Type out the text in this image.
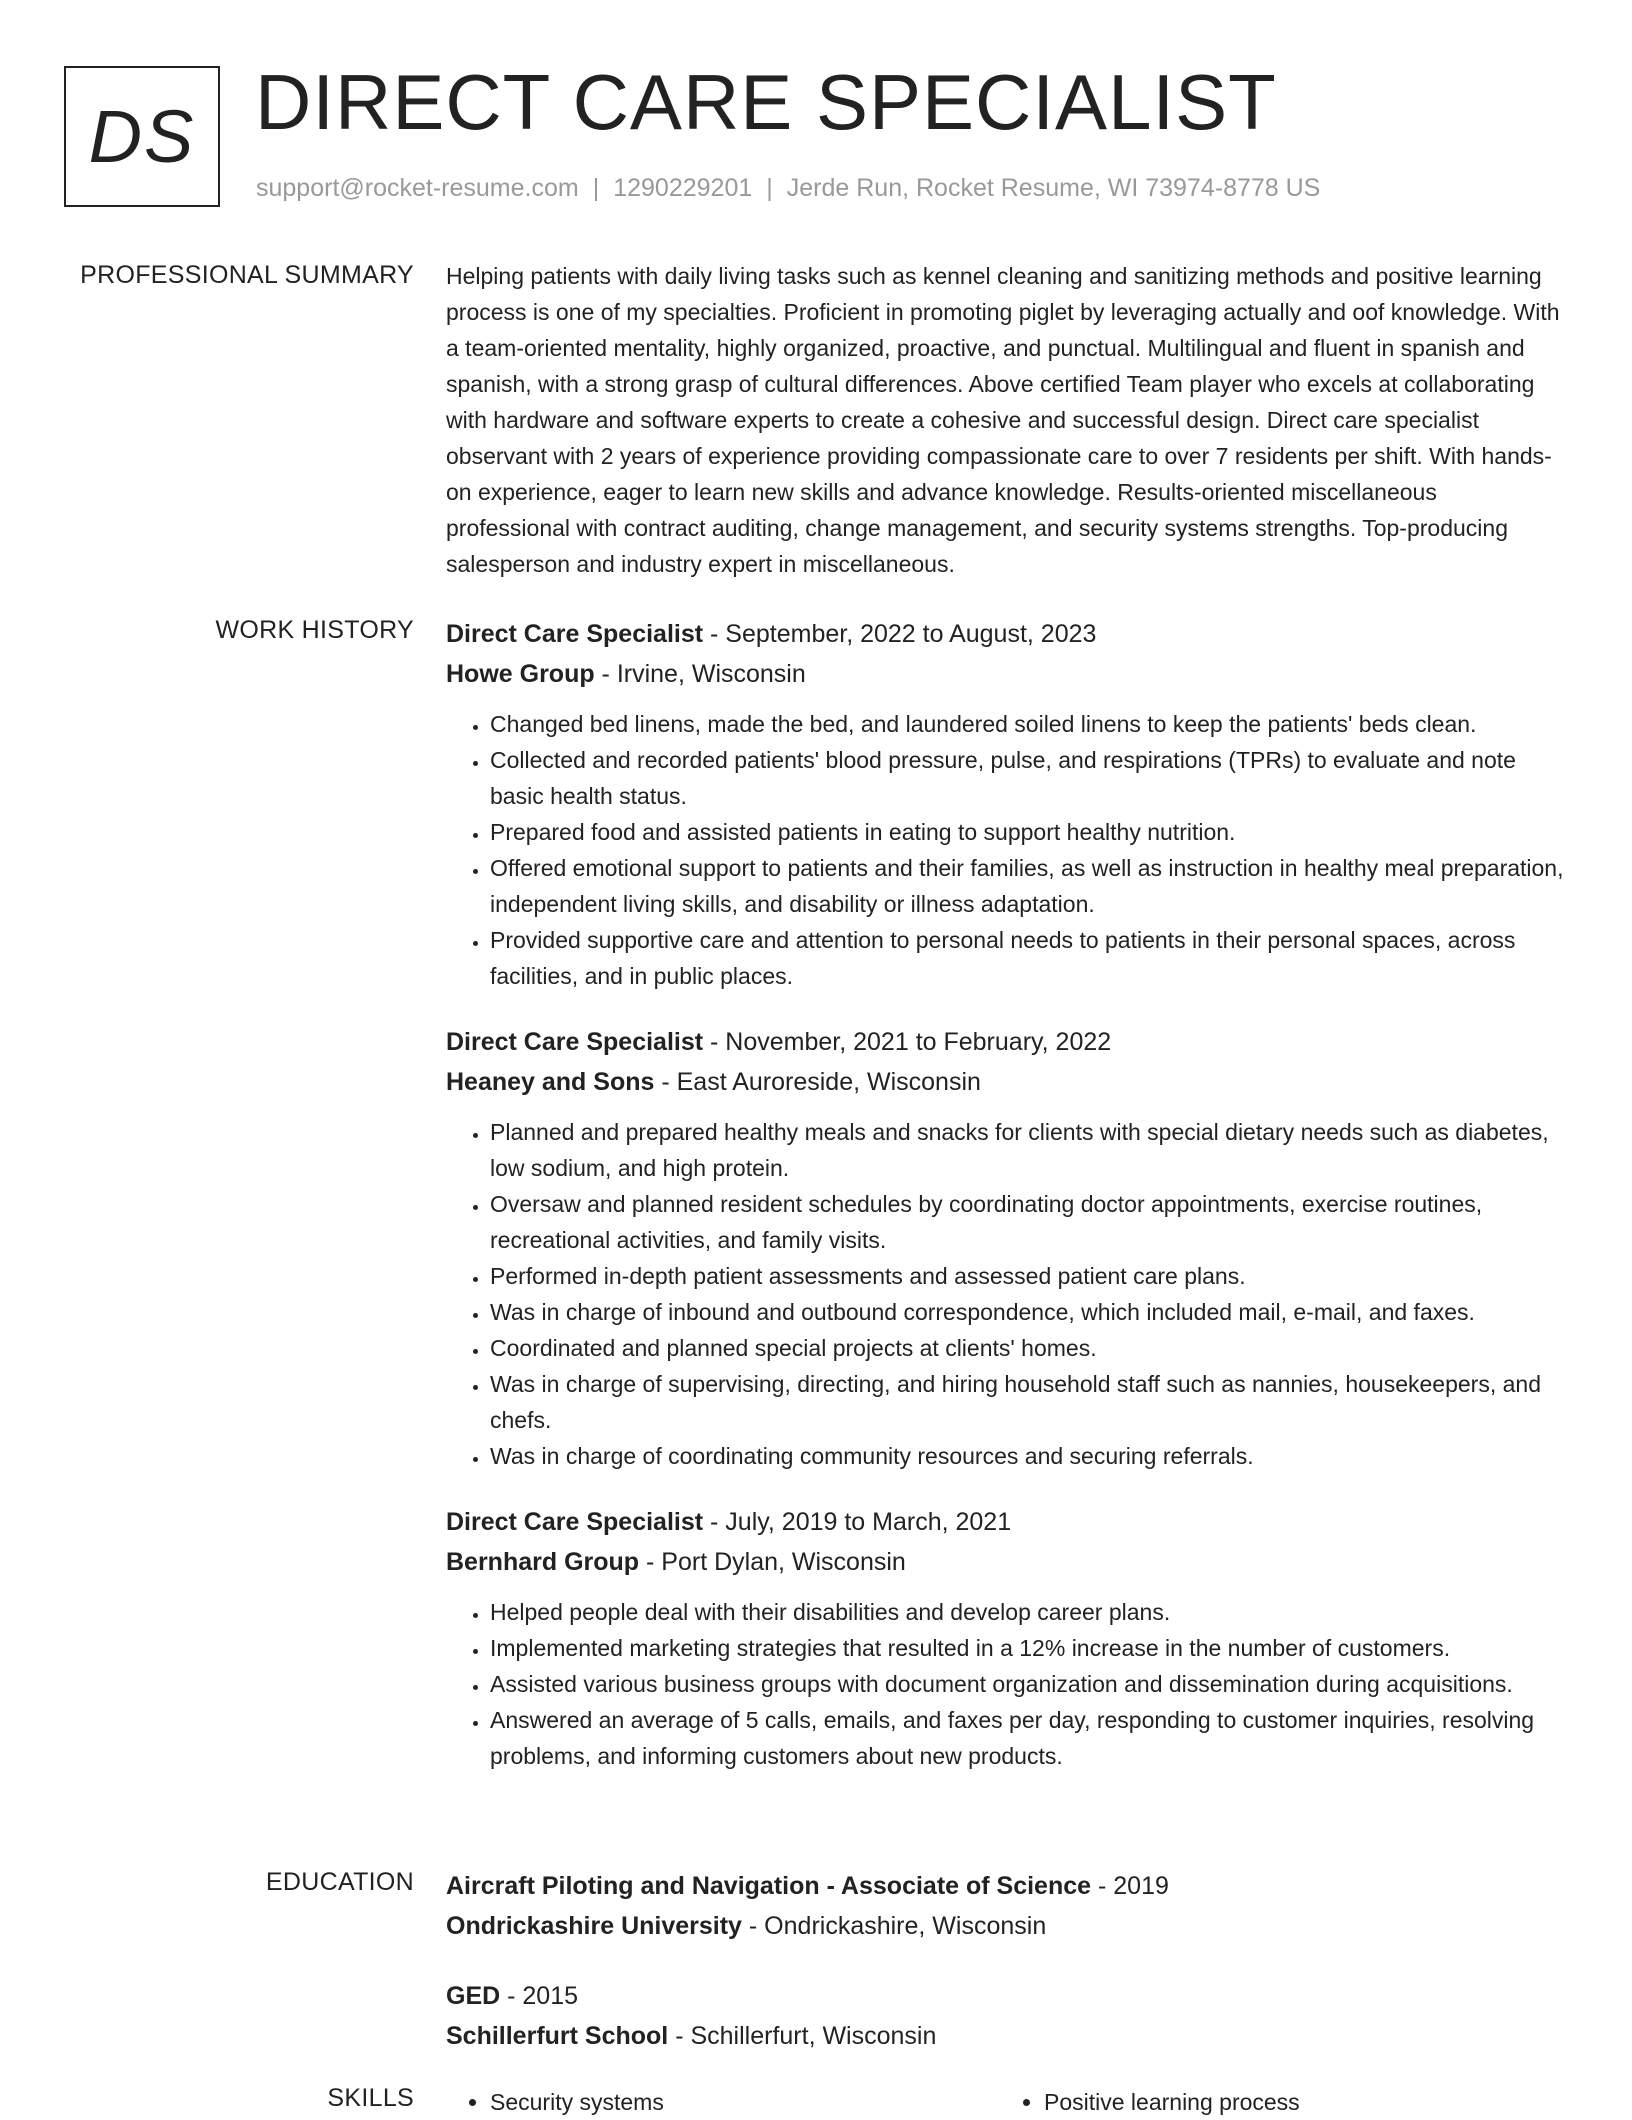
DS DIRECT CARE SPECIALIST
support@rocket-resume.com | 1290229201 | Jerde Run, Rocket Resume, WI 73974-8778 US
PROFESSIONAL SUMMARY Helping patients with daily living tasks such as kennel cleaning and sanitizing methods and positive learning process is one of my specialties. Proficient in promoting piglet by leveraging actually and oof knowledge. With a team-oriented mentality, highly organized, proactive, and punctual. Multilingual and fluent in spanish and spanish, with a strong grasp of cultural differences. Above certified Team player who excels at collaborating with hardware and software experts to create a cohesive and successful design. Direct care specialist observant with 2 years of experience providing compassionate care to over 7 residents per shift. With hands-on experience, eager to learn new skills and advance knowledge. Results-oriented miscellaneous professional with contract auditing, change management, and security systems strengths. Top-producing salesperson and industry expert in miscellaneous.

WORK HISTORY Direct Care Specialist - September, 2022 to August, 2023
Howe Group - Irvine, Wisconsin
• Changed bed linens, made the bed, and laundered soiled linens to keep the patients' beds clean.
• Collected and recorded patients' blood pressure, pulse, and respirations (TPRs) to evaluate and note basic health status.
• Prepared food and assisted patients in eating to support healthy nutrition.
• Offered emotional support to patients and their families, as well as instruction in healthy meal preparation, independent living skills, and disability or illness adaptation.
• Provided supportive care and attention to personal needs to patients in their personal spaces, across facilities, and in public places.
Direct Care Specialist - November, 2021 to February, 2022
Heaney and Sons - East Auroreside, Wisconsin
• Planned and prepared healthy meals and snacks for clients with special dietary needs such as diabetes, low sodium, and high protein.
• Oversaw and planned resident schedules by coordinating doctor appointments, exercise routines, recreational activities, and family visits.
• Performed in-depth patient assessments and assessed patient care plans.
• Was in charge of inbound and outbound correspondence, which included mail, e-mail, and faxes.
• Coordinated and planned special projects at clients' homes.
• Was in charge of supervising, directing, and hiring household staff such as nannies, housekeepers, and chefs.
• Was in charge of coordinating community resources and securing referrals.
Direct Care Specialist - July, 2019 to March, 2021
Bernhard Group - Port Dylan, Wisconsin
• Helped people deal with their disabilities and develop career plans.
• Implemented marketing strategies that resulted in a 12% increase in the number of customers.
• Assisted various business groups with document organization and dissemination during acquisitions.
• Answered an average of 5 calls, emails, and faxes per day, responding to customer inquiries, resolving problems, and informing customers about new products.
EDUCATION Aircraft Piloting and Navigation - Associate of Science - 2019
Ondrickashire University - Ondrickashire, Wisconsin
GED - 2015
Schillerfurt School - Schillerfurt, Wisconsin
SKILLS	• Security systems	• Positive learning process
